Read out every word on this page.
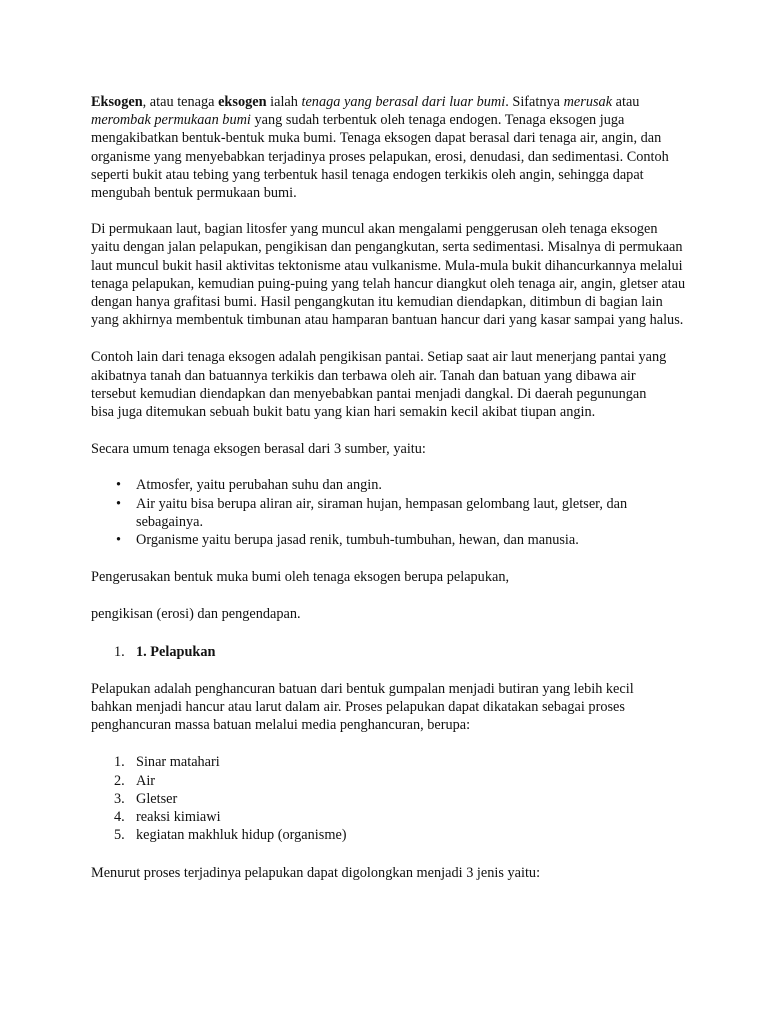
Eksogen, atau tenaga eksogen ialah tenaga yang berasal dari luar bumi. Sifatnya merusak atau merombak permukaan bumi yang sudah terbentuk oleh tenaga endogen. Tenaga eksogen juga mengakibatkan bentuk-bentuk muka bumi. Tenaga eksogen dapat berasal dari tenaga air, angin, dan organisme yang menyebabkan terjadinya proses pelapukan, erosi, denudasi, dan sedimentasi. Contoh seperti bukit atau tebing yang terbentuk hasil tenaga endogen terkikis oleh angin, sehingga dapat mengubah bentuk permukaan bumi.

Di permukaan laut, bagian litosfer yang muncul akan mengalami penggerusan oleh tenaga eksogen yaitu dengan jalan pelapukan, pengikisan dan pengangkutan, serta sedimentasi. Misalnya di permukaan laut muncul bukit hasil aktivitas tektonisme atau vulkanisme. Mula-mula bukit dihancurkannya melalui tenaga pelapukan, kemudian puing-puing yang telah hancur diangkut oleh tenaga air, angin, gletser atau dengan hanya grafitasi bumi. Hasil pengangkutan itu kemudian diendapkan, ditimbun di bagian lain yang akhirnya membentuk timbunan atau hamparan bantuan hancur dari yang kasar sampai yang halus.

Contoh lain dari tenaga eksogen adalah pengikisan pantai. Setiap saat air laut menerjang pantai yang akibatnya tanah dan batuannya terkikis dan terbawa oleh air. Tanah dan batuan yang dibawa air tersebut kemudian diendapkan dan menyebabkan pantai menjadi dangkal. Di daerah pegunungan bisa juga ditemukan sebuah bukit batu yang kian hari semakin kecil akibat tiupan angin.

Secara umum tenaga eksogen berasal dari 3 sumber, yaitu:

• Atmosfer, yaitu perubahan suhu dan angin.
• Air yaitu bisa berupa aliran air, siraman hujan, hempasan gelombang laut, gletser, dan sebagainya.
• Organisme yaitu berupa jasad renik, tumbuh-tumbuhan, hewan, dan manusia.

Pengerusakan bentuk muka bumi oleh tenaga eksogen berupa pelapukan,

pengikisan (erosi) dan pengendapan.

1. 1. Pelapukan

Pelapukan adalah penghancuran batuan dari bentuk gumpalan menjadi butiran yang lebih kecil bahkan menjadi hancur atau larut dalam air. Proses pelapukan dapat dikatakan sebagai proses penghancuran massa batuan melalui media penghancuran, berupa:

1. Sinar matahari
2. Air
3. Gletser
4. reaksi kimiawi
5. kegiatan makhluk hidup (organisme)

Menurut proses terjadinya pelapukan dapat digolongkan menjadi 3 jenis yaitu:
